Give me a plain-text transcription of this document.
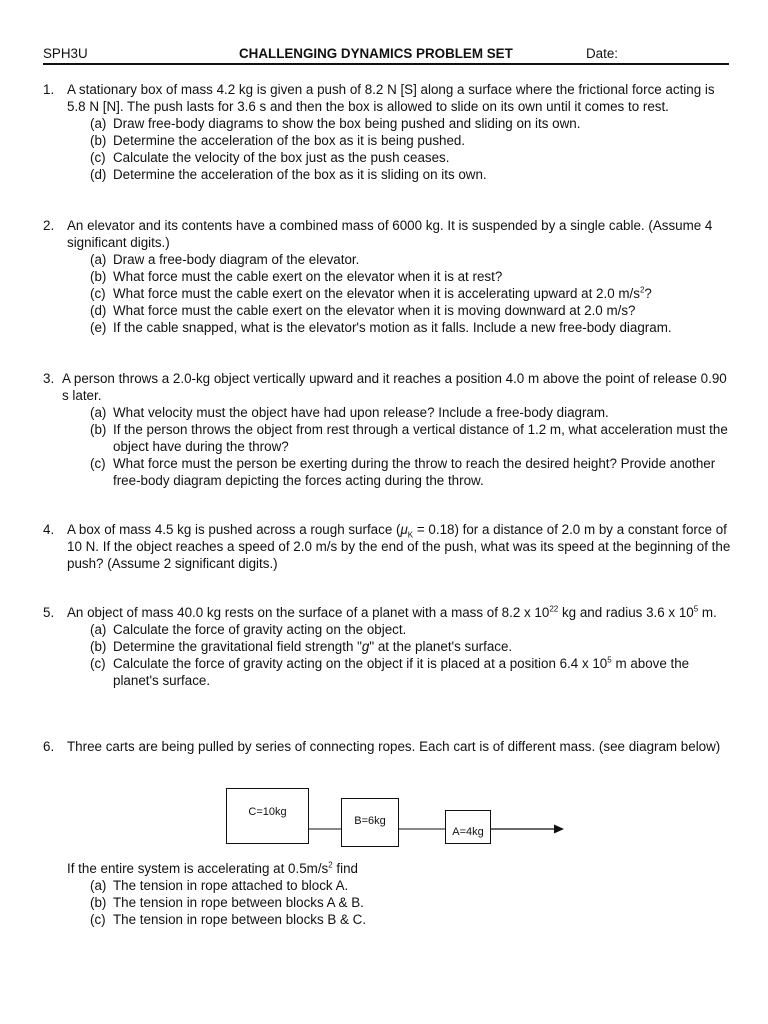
SPH3U	CHALLENGING DYNAMICS PROBLEM SET	Date:
1. A stationary box of mass 4.2 kg is given a push of 8.2 N [S] along a surface where the frictional force acting is 5.8 N [N]. The push lasts for 3.6 s and then the box is allowed to slide on its own until it comes to rest.
(a) Draw free-body diagrams to show the box being pushed and sliding on its own.
(b) Determine the acceleration of the box as it is being pushed.
(c) Calculate the velocity of the box just as the push ceases.
(d) Determine the acceleration of the box as it is sliding on its own.
2. An elevator and its contents have a combined mass of 6000 kg. It is suspended by a single cable. (Assume 4 significant digits.)
(a) Draw a free-body diagram of the elevator.
(b) What force must the cable exert on the elevator when it is at rest?
(c) What force must the cable exert on the elevator when it is accelerating upward at 2.0 $m/s^2$?
(d) What force must the cable exert on the elevator when it is moving downward at 2.0 m/s?
(e) If the cable snapped, what is the elevator's motion as it falls. Include a new free-body diagram.
3. A person throws a 2.0-kg object vertically upward and it reaches a position 4.0 m above the point of release 0.90 s later.
(a) What velocity must the object have had upon release? Include a free-body diagram.
(b) If the person throws the object from rest through a vertical distance of 1.2 m, what acceleration must the object have during the throw?
(c) What force must the person be exerting during the throw to reach the desired height? Provide another free-body diagram depicting the forces acting during the throw.
4. A box of mass 4.5 kg is pushed across a rough surface $(\mu_K = 0.18)$ for a distance of 2.0 m by a constant force of 10 N. If the object reaches a speed of 2.0 m/s by the end of the push, what was its speed at the beginning of the push? (Assume 2 significant digits.)
5. An object of mass 40.0 kg rests on the surface of a planet with a mass of 8.2 x $10^{22}$ kg and radius 3.6 x $10^5$ m.
(a) Calculate the force of gravity acting on the object.
(b) Determine the gravitational field strength "g" at the planet's surface.
(c) Calculate the force of gravity acting on the object if it is placed at a position 6.4 x $10^5$ m above the planet's surface.
6. Three carts are being pulled by series of connecting ropes. Each cart is of different mass. (see diagram below)
C=10kg
B=6kg
A=4kg
If the entire system is accelerating at $0.5m/s^2$ find
(a) The tension in rope attached to block A.
(b) The tension in rope between blocks A & B.
(c) The tension in rope between blocks B & C.
